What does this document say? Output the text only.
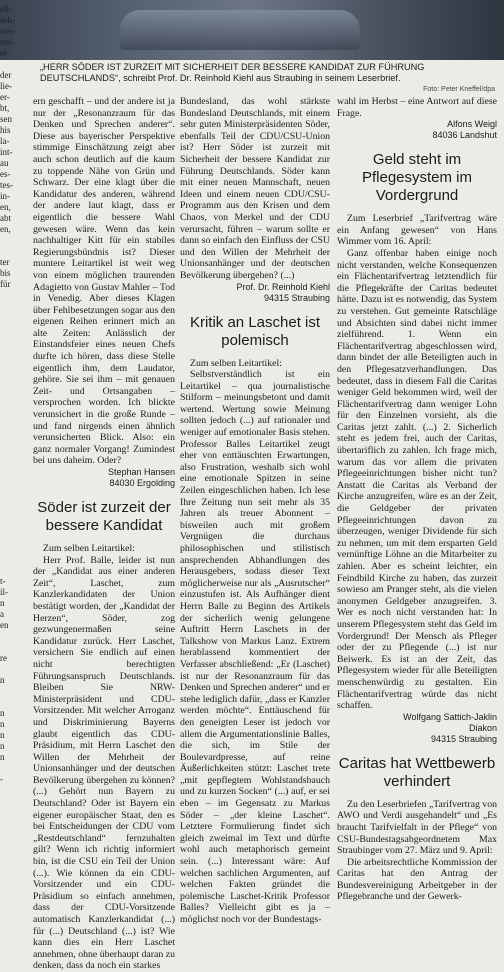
„HERR SÖDER IST ZURZEIT MIT SICHERHEIT DER BESSERE KANDIDAT ZUR FÜHRUNG DEUTSCHLANDS“, schreibt Prof. Dr. Reinhold Kiehl aus Straubing in seinem Leserbrief.
Foto: Peter Kneffel/dpa
ell-
seh-
wei-
om-
ei-

der
lie-
er-
bt,
sen
his
la-
int-
au
es-
tes-
in-
en,
abt
en,

ter
bis
für

t-
il-
n
a
en

re

n

n
n
n
n
n

-

ern geschafft – und der andere ist ja nur der „Resonanzraum für das Denken und Sprechen anderer“. Diese aus bayerischer Perspektive stimmige Einschätzung zeigt aber auch schon deutlich auf die kaum zu toppende Nähe von Grün und Schwarz. Der eine klagt über die Kandidatur des anderen, während der andere laut klagt, dass er eigentlich die bessere Wahl gewesen wäre. Wenn das kein nachhaltiger Kitt für ein stabiles Regierungsbündnis ist? Dieser muntere Leitartikel ist weit weg von einem möglichen traurenden Adagietto von Gustav Mahler – Tod in Venedig. Aber dieses Klagen über Fehlbesetzungen sogar aus den eigenen Reihen erinnert mich an alte Zeiten: Anlässlich der Einstandsfeier eines neuen Chefs durfte ich hören, dass diese Stelle eigentlich ihm, dem Laudator, gehöre. Sie sei ihm – mit genauen Zeit- und Ortsangaben – versprochen worden. Ich blickte verunsichert in die große Runde – und fand nirgends einen ähnlich verunsicherten Blick. Also: ein ganz normaler Vorgang! Zumindest bei uns daheim. Oder?

Stephan Hansen
84030 Ergolding
Söder ist zurzeit der bessere Kandidat

Zum selben Leitartikel:

Herr Prof. Balle, leider ist nun der „Kandidat aus einer anderen Zeit“, Laschet, zum Kanzlerkandidaten der Union bestätigt worden, der „Kandidat der Herzen“, Söder, zog gezwungenermaßen seine Kandidatur zurück. Herr Laschet, versichern Sie endlich auf einen nicht berechtigten Führungsanspruch Deutschlands. Bleiben Sie NRW-Ministerpräsident und CDU-Vorsitzender. Mit welcher Arroganz und Diskriminierung Bayerns glaubt eigentlich das CDU-Präsidium, mit Herrn Laschet den Willen der Mehrheit der Unionsanhänger und der deutschen Bevölkerung übergehen zu können? (...) Gehört nun Bayern zu Deutschland? Oder ist Bayern ein eigener europäischer Staat, den es bei Entscheidungen der CDU vom „Restdeutschland“ fernzuhalten gilt? Wenn ich richtig informiert bin, ist die CSU ein Teil der Union (...). Wie können da ein CDU-Vorsitzender und ein CDU-Präsidium so einfach annehmen, dass der CDU-Vorsitzende automatisch Kanzlerkandidat (...) für (...) Deutschland (...) ist? Wie kann dies ein Herr Laschet annehmen, ohne überhaupt daran zu denken, dass da noch ein starkes

Bundesland, das wohl stärkste Bundesland Deutschlands, mit einem sehr guten Ministerpräsidenten Söder, ebenfalls Teil der CDU/CSU-Union ist? Herr Söder ist zurzeit mit Sicherheit der bessere Kandidat zur Führung Deutschlands. Söder kann mit einer neuen Mannschaft, neuen Ideen und einem neuen CDU/CSU-Programm aus den Krisen und dem Chaos, von Merkel und der CDU verursacht, führen – warum sollte er dann so einfach den Einfluss der CSU und den Willen der Mehrheit der Unionsanhänger und der deutschen Bevölkerung übergehen? (...)

Prof. Dr. Reinhold Kiehl
94315 Straubing
Kritik an Laschet ist polemisch

Zum selben Leitartikel:

Selbstverständlich ist ein Leitartikel – qua journalistische Stilform – meinungsbetont und damit wertend. Wertung sowie Meinung sollten jedoch (...) auf rationaler und weniger auf emotionaler Basis stehen. Professor Balles Leitartikel zeugt eher von enttäuschten Erwartungen, also Frustration, weshalb sich wohl eine emotionale Spitzen in seine Zeilen eingeschlichen haben. Ich lese Ihre Zeitung nun seit mehr als 35 Jahren als treuer Abonnent – bisweilen auch mit großem Vergnügen die durchaus philosophischen und stilistisch ansprechenden Abhandlungen des Herausgebers, sodass dieser Text möglicherweise nur als „Ausrutscher“ einzustufen ist. Als Aufhänger dient Herrn Balle zu Beginn des Artikels der sicherlich wenig gelungene Auftritt Herrn Laschets in der Talkshow von Markus Lanz. Extrem herablassend kommentiert der Verfasser abschließend: „Er (Laschet) ist nur der Resonanzraum für das Denken und Sprechen anderer“ und er stehe lediglich dafür, „dass er Kanzler werden möchte“. Enttäuschend für den geneigten Leser ist jedoch vor allem die Argumentationslinie Balles, die sich, im Stile der Boulevardpresse, auf reine Äußerlichkeiten stützt: Laschet trete „mit gepflegtem Wohlstandsbauch und zu kurzen Socken“ (...) auf, er sei eben – im Gegensatz zu Markus Söder – „der kleine Laschet“. Letztere Formulierung findet sich gleich zweimal im Text und dürfte wohl auch metaphorisch gemeint sein. (...) Interessant wäre: Auf welchen sachlichen Argumenten, auf welchen Fakten gründet die polemische Laschet-Kritik Professor Balles? Vielleicht gibt es ja – möglichst noch vor der Bundestags-

wahl im Herbst – eine Antwort auf diese Frage.

Alfons Weigl
84036 Landshut
Geld steht im Pflegesystem im Vordergrund

Zum Leserbrief „Tarifvertrag wäre ein Anfang gewesen“ von Hans Wimmer vom 16. April:

Ganz offenbar haben einige noch nicht verstanden, welche Konsequenzen ein Flächentarifvertrag letztendlich für die Pflegekräfte der Caritas bedeutet hätte. Dazu ist es notwendig, das System zu verstehen. Gut gemeinte Ratschläge und Absichten sind dabei nicht immer zielführend. 1. Wenn ein Flächentarifvertrag abgeschlossen wird, dann bindet der alle Beteiligten auch in den Pflegesatzverhandlungen. Das bedeutet, dass in diesem Fall die Caritas weniger Geld bekommen wird, weil der Flächentarifvertrag dann weniger Lohn für den Einzelnen vorsieht, als die Caritas jetzt zahlt. (...) 2. Sicherlich steht es jedem frei, auch der Caritas, übertariflich zu zahlen. Ich frage mich, warum das vor allem die privaten Pflegeeinrichtungen bisher nicht tun? Anstatt die Caritas als Verband der Kirche anzugreifen, wäre es an der Zeit, die Geldgeber der privaten Pflegeeinrichtungen davon zu überzeugen, weniger Dividende für sich zu nehmen, um mit dem ersparten Geld vernünftige Löhne an die Mitarbeiter zu zahlen. Aber es scheint leichter, ein Feindbild Kirche zu haben, das zurzeit sowieso am Pranger steht, als die vielen anonymen Geldgeber anzugreifen. 3. Wer es noch nicht verstanden hat: In unserem Pflegesystem steht das Geld im Vordergrund! Der Mensch als Pfleger oder der zu Pflegende (...) ist nur Beiwerk. Es ist an der Zeit, das Pflegesystem wieder für alle Beteiligten menschenwürdig zu gestalten. Ein Flächentarifvertrag würde das nicht schaffen.

Wolfgang Sattich-Jaklin
Diakon
94315 Straubing
Caritas hat Wettbewerb verhindert

Zu den Leserbriefen „Tarifvertrag von AWO und Verdi ausgehandelt“ und „Es braucht Tarifvielfalt in der Pflege“ von CSU-Bundestagsabgeordnetem Max Straubinger vom 27. März und 9. April:

Die arbeitsrechtliche Kommission der Caritas hat den Antrag der Bundesvereinigung Arbeitgeber in der Pflegebranche und der Gewerk-
